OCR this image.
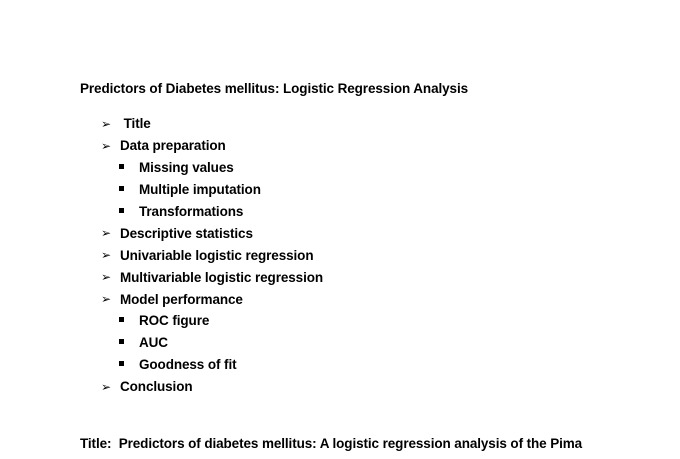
Predictors of Diabetes mellitus: Logistic Regression Analysis
➢ Title
➢ Data preparation
Missing values
Multiple imputation
Transformations
➢ Descriptive statistics
➢ Univariable logistic regression
➢ Multivariable logistic regression
➢ Model performance
ROC figure
AUC
Goodness of fit
➢ Conclusion
Title:  Predictors of diabetes mellitus: A logistic regression analysis of the Pima
